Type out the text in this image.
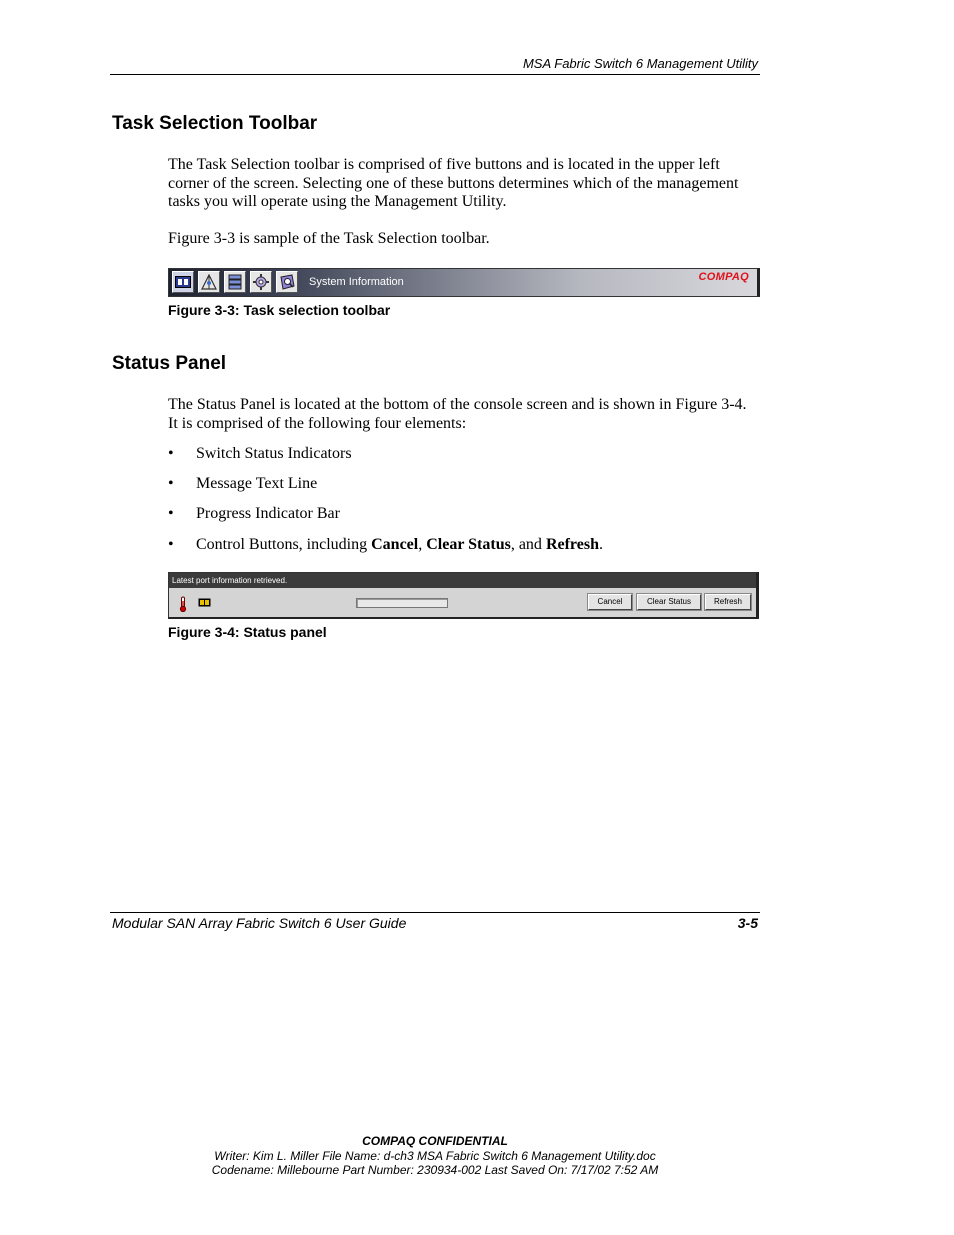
MSA Fabric Switch 6 Management Utility
Task Selection Toolbar

The Task Selection toolbar is comprised of five buttons and is located in the upper left corner of the screen. Selecting one of these buttons determines which of the management tasks you will operate using the Management Utility.

Figure 3-3 is sample of the Task Selection toolbar.

System Information	COMPAQ
Figure 3-3: Task selection toolbar
Status Panel

The Status Panel is located at the bottom of the console screen and is shown in Figure 3-4. It is comprised of the following four elements:

• Switch Status Indicators
• Message Text Line
• Progress Indicator Bar
• Control Buttons, including Cancel, Clear Status, and Refresh.
Latest port information retrieved.
Cancel	Clear Status	Refresh
Figure 3-4: Status panel
Modular SAN Array Fabric Switch 6 User Guide	3-5
COMPAQ CONFIDENTIAL
Writer: Kim L. Miller File Name: d-ch3 MSA Fabric Switch 6 Management Utility.doc
Codename: Millebourne Part Number: 230934-002 Last Saved On: 7/17/02 7:52 AM
